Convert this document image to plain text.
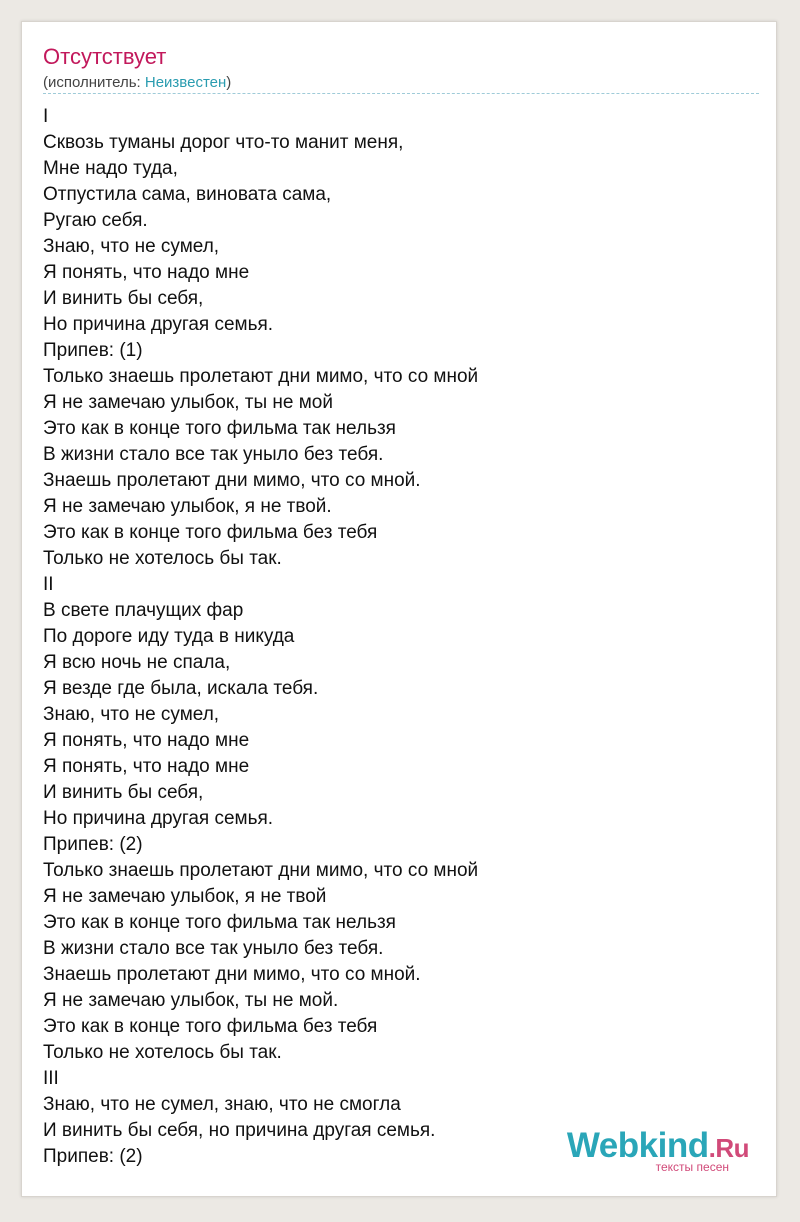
Отсутствует
(исполнитель: Неизвестен)
I
Сквозь туманы дорог что-то манит меня,
Мне надо туда,
Отпустила сама, виновата сама,
Ругаю себя.
Знаю, что не сумел,
Я понять, что надо мне
И винить бы себя,
Но причина другая семья.
Припев: (1)
Только знаешь пролетают дни мимо, что со мной
Я не замечаю улыбок, ты не мой
Это как в конце того фильма так нельзя
В жизни стало все так уныло без тебя.
Знаешь пролетают дни мимо, что со мной.
Я не замечаю улыбок, я не твой.
Это как в конце того фильма без тебя
Только не хотелось бы так.
II
В свете плачущих фар
По дороге иду туда в никуда
Я всю ночь не спала,
Я везде где была, искала тебя.
Знаю, что не сумел,
Я понять, что надо мне
Я понять, что надо мне
И винить бы себя,
Но причина другая семья.
Припев: (2)
Только знаешь пролетают дни мимо, что со мной
Я не замечаю улыбок, я не твой
Это как в конце того фильма так нельзя
В жизни стало все так уныло без тебя.
Знаешь пролетают дни мимо, что со мной.
Я не замечаю улыбок, ты не мой.
Это как в конце того фильма без тебя
Только не хотелось бы так.
III
Знаю, что не сумел, знаю, что не смогла
И винить бы себя, но причина другая семья.
Припев: (2)	Webkind.Ru
тексты песен
